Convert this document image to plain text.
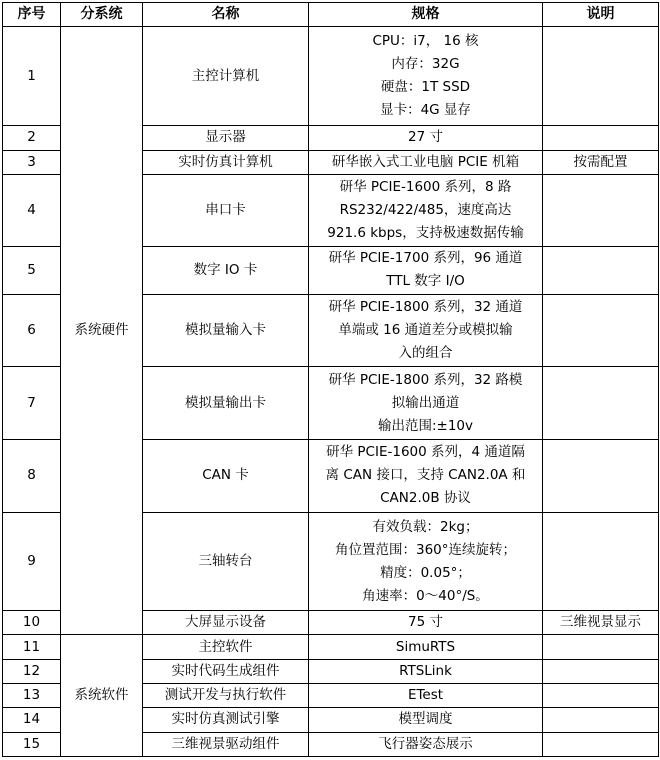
序号	分系统	名称	规格	说明
1	系统硬件	主控计算机	CPU：i7， 16 核
内存：32G
硬盘：1T SSD
显卡：4G 显存	

2		显示器	27 寸	

3		实时仿真计算机	研华嵌入式工业电脑 PCIE 机箱	按需配置
4		串口卡	研华 PCIE-1600 系列，8 路
RS232/422/485，速度高达
921.6 kbps，支持极速数据传输	

5		数字 IO 卡	研华 PCIE-1700 系列，96 通道
TTL 数字 I/O	

6		模拟量输入卡	研华 PCIE-1800 系列，32 通道
单端或 16 通道差分或模拟输
入的组合	

7		模拟量输出卡	研华 PCIE-1800 系列，32 路模
拟输出通道
输出范围:±10v	

8		CAN 卡	研华 PCIE-1600 系列，4 通道隔
离 CAN 接口，支持 CAN2.0A 和
CAN2.0B 协议	

9		三轴转台	有效负载：2kg；
角位置范围：360°连续旋转；
精度：0.05°；
角速率：0～40°/S。	

10		大屏显示设备	75 寸	三维视景显示
11	系统软件	主控软件	SimuRTS	

12		实时代码生成组件	RTSLink	

13		测试开发与执行软件	ETest	

14		实时仿真测试引擎	模型调度	

15		三维视景驱动组件	飞行器姿态展示	
